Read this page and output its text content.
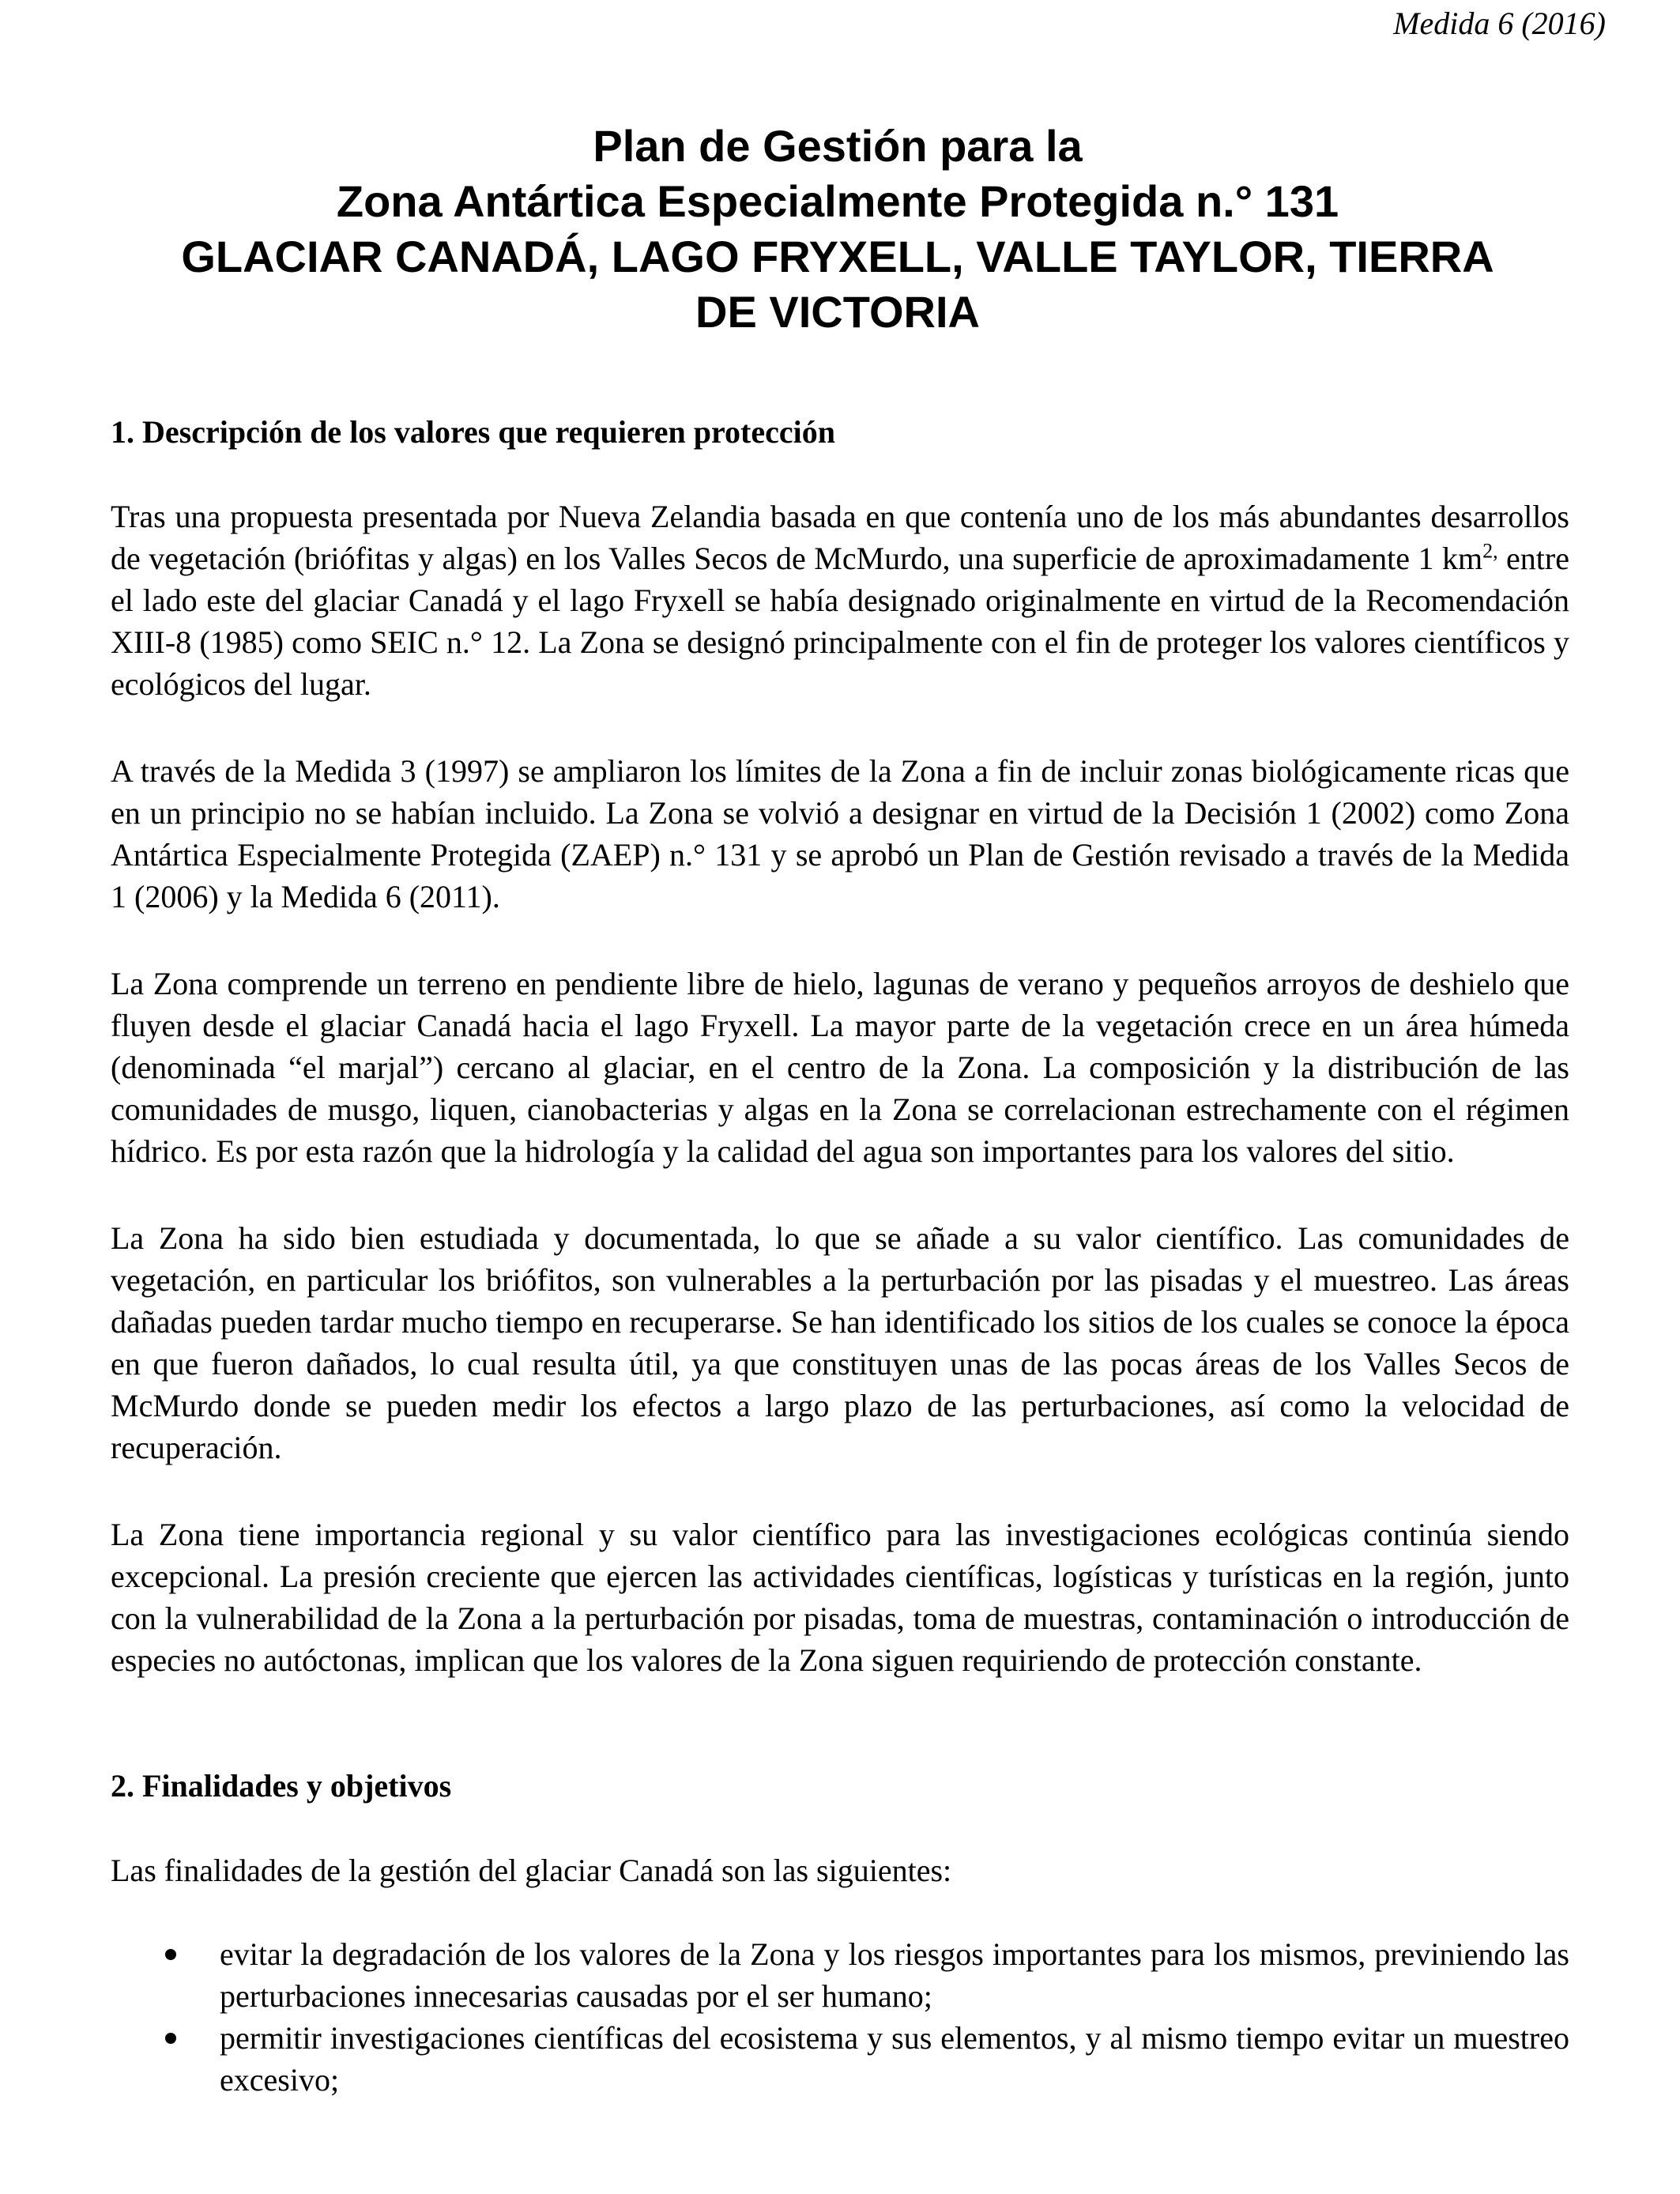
Medida 6 (2016)

Plan de Gestión para la
Zona Antártica Especialmente Protegida n.° 131
GLACIAR CANADÁ, LAGO FRYXELL, VALLE TAYLOR, TIERRA
DE VICTORIA
1. Descripción de los valores que requieren protección

Tras una propuesta presentada por Nueva Zelandia basada en que contenía uno de los más abundantes desarrollos de vegetación (briófitas y algas) en los Valles Secos de McMurdo, una superficie de aproximadamente 1 $km^{2,}$ entre el lado este del glaciar Canadá y el lago Fryxell se había designado originalmente en virtud de la Recomendación XIII-8 (1985) como SEIC n.° 12. La Zona se designó principalmente con el fin de proteger los valores científicos y ecológicos del lugar.

A través de la Medida 3 (1997) se ampliaron los límites de la Zona a fin de incluir zonas biológicamente ricas que en un principio no se habían incluido. La Zona se volvió a designar en virtud de la Decisión 1 (2002) como Zona Antártica Especialmente Protegida (ZAEP) n.° 131 y se aprobó un Plan de Gestión revisado a través de la Medida 1 (2006) y la Medida 6 (2011).

La Zona comprende un terreno en pendiente libre de hielo, lagunas de verano y pequeños arroyos de deshielo que fluyen desde el glaciar Canadá hacia el lago Fryxell. La mayor parte de la vegetación crece en un área húmeda (denominada “el marjal”) cercano al glaciar, en el centro de la Zona. La composición y la distribución de las comunidades de musgo, liquen, cianobacterias y algas en la Zona se correlacionan estrechamente con el régimen hídrico. Es por esta razón que la hidrología y la calidad del agua son importantes para los valores del sitio.

La Zona ha sido bien estudiada y documentada, lo que se añade a su valor científico. Las comunidades de vegetación, en particular los briófitos, son vulnerables a la perturbación por las pisadas y el muestreo. Las áreas dañadas pueden tardar mucho tiempo en recuperarse. Se han identificado los sitios de los cuales se conoce la época en que fueron dañados, lo cual resulta útil, ya que constituyen unas de las pocas áreas de los Valles Secos de McMurdo donde se pueden medir los efectos a largo plazo de las perturbaciones, así como la velocidad de recuperación.

La Zona tiene importancia regional y su valor científico para las investigaciones ecológicas continúa siendo excepcional. La presión creciente que ejercen las actividades científicas, logísticas y turísticas en la región, junto con la vulnerabilidad de la Zona a la perturbación por pisadas, toma de muestras, contaminación o introducción de especies no autóctonas, implican que los valores de la Zona siguen requiriendo de protección constante.

2. Finalidades y objetivos

Las finalidades de la gestión del glaciar Canadá son las siguientes:

evitar la degradación de los valores de la Zona y los riesgos importantes para los mismos, previniendo las perturbaciones innecesarias causadas por el ser humano;
permitir investigaciones científicas del ecosistema y sus elementos, y al mismo tiempo evitar un muestreo excesivo;
